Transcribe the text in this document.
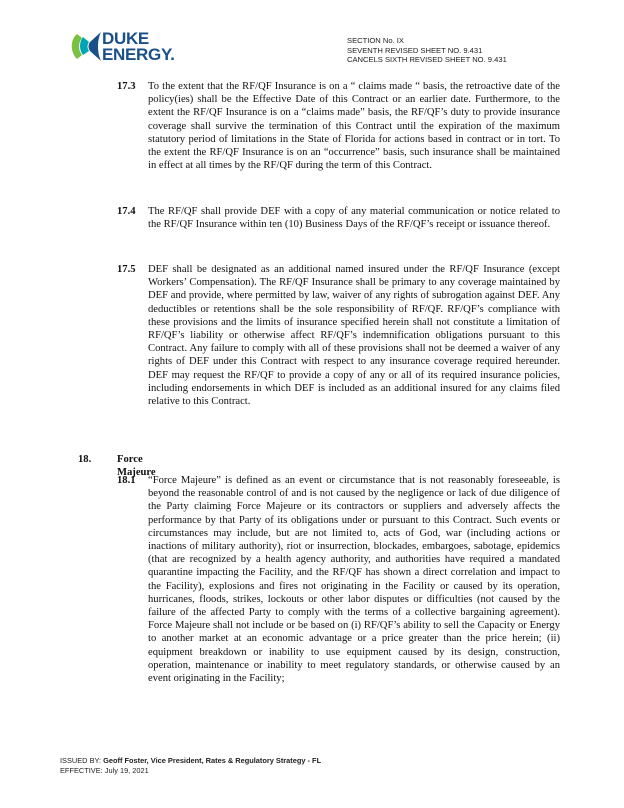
DUKE
ENERGY.
SECTION No. IX
SEVENTH REVISED SHEET NO. 9.431
CANCELS SIXTH REVISED SHEET NO. 9.431
17.3 To the extent that the RF/QF Insurance is on a “ claims made “ basis, the retroactive date of the policy(ies) shall be the Effective Date of this Contract or an earlier date. Furthermore, to the extent the RF/QF Insurance is on a “claims made” basis, the RF/QF’s duty to provide insurance coverage shall survive the termination of this Contract until the expiration of the maximum statutory period of limitations in the State of Florida for actions based in contract or in tort. To the extent the RF/QF Insurance is on an “occurrence” basis, such insurance shall be maintained in effect at all times by the RF/QF during the term of this Contract.
17.4 The RF/QF shall provide DEF with a copy of any material communication or notice related to the RF/QF Insurance within ten (10) Business Days of the RF/QF’s receipt or issuance thereof.
17.5 DEF shall be designated as an additional named insured under the RF/QF Insurance (except Workers’ Compensation). The RF/QF Insurance shall be primary to any coverage maintained by DEF and provide, where permitted by law, waiver of any rights of subrogation against DEF. Any deductibles or retentions shall be the sole responsibility of RF/QF. RF/QF’s compliance with these provisions and the limits of insurance specified herein shall not constitute a limitation of RF/QF’s liability or otherwise affect RF/QF’s indemnification obligations pursuant to this Contract. Any failure to comply with all of these provisions shall not be deemed a waiver of any rights of DEF under this Contract with respect to any insurance coverage required hereunder. DEF may request the RF/QF to provide a copy of any or all of its required insurance policies, including endorsements in which DEF is included as an additional insured for any claims filed relative to this Contract.
18. Force Majeure
18.1 “Force Majeure” is defined as an event or circumstance that is not reasonably foreseeable, is beyond the reasonable control of and is not caused by the negligence or lack of due diligence of the Party claiming Force Majeure or its contractors or suppliers and adversely affects the performance by that Party of its obligations under or pursuant to this Contract. Such events or circumstances may include, but are not limited to, acts of God, war (including actions or inactions of military authority), riot or insurrection, blockades, embargoes, sabotage, epidemics (that are recognized by a health agency authority, and authorities have required a mandated quarantine impacting the Facility, and the RF/QF has shown a direct correlation and impact to the Facility), explosions and fires not originating in the Facility or caused by its operation, hurricanes, floods, strikes, lockouts or other labor disputes or difficulties (not caused by the failure of the affected Party to comply with the terms of a collective bargaining agreement). Force Majeure shall not include or be based on (i) RF/QF’s ability to sell the Capacity or Energy to another market at an economic advantage or a price greater than the price herein; (ii) equipment breakdown or inability to use equipment caused by its design, construction, operation, maintenance or inability to meet regulatory standards, or otherwise caused by an event originating in the Facility;
ISSUED BY: Geoff Foster, Vice President, Rates & Regulatory Strategy - FL
EFFECTIVE: July 19, 2021
